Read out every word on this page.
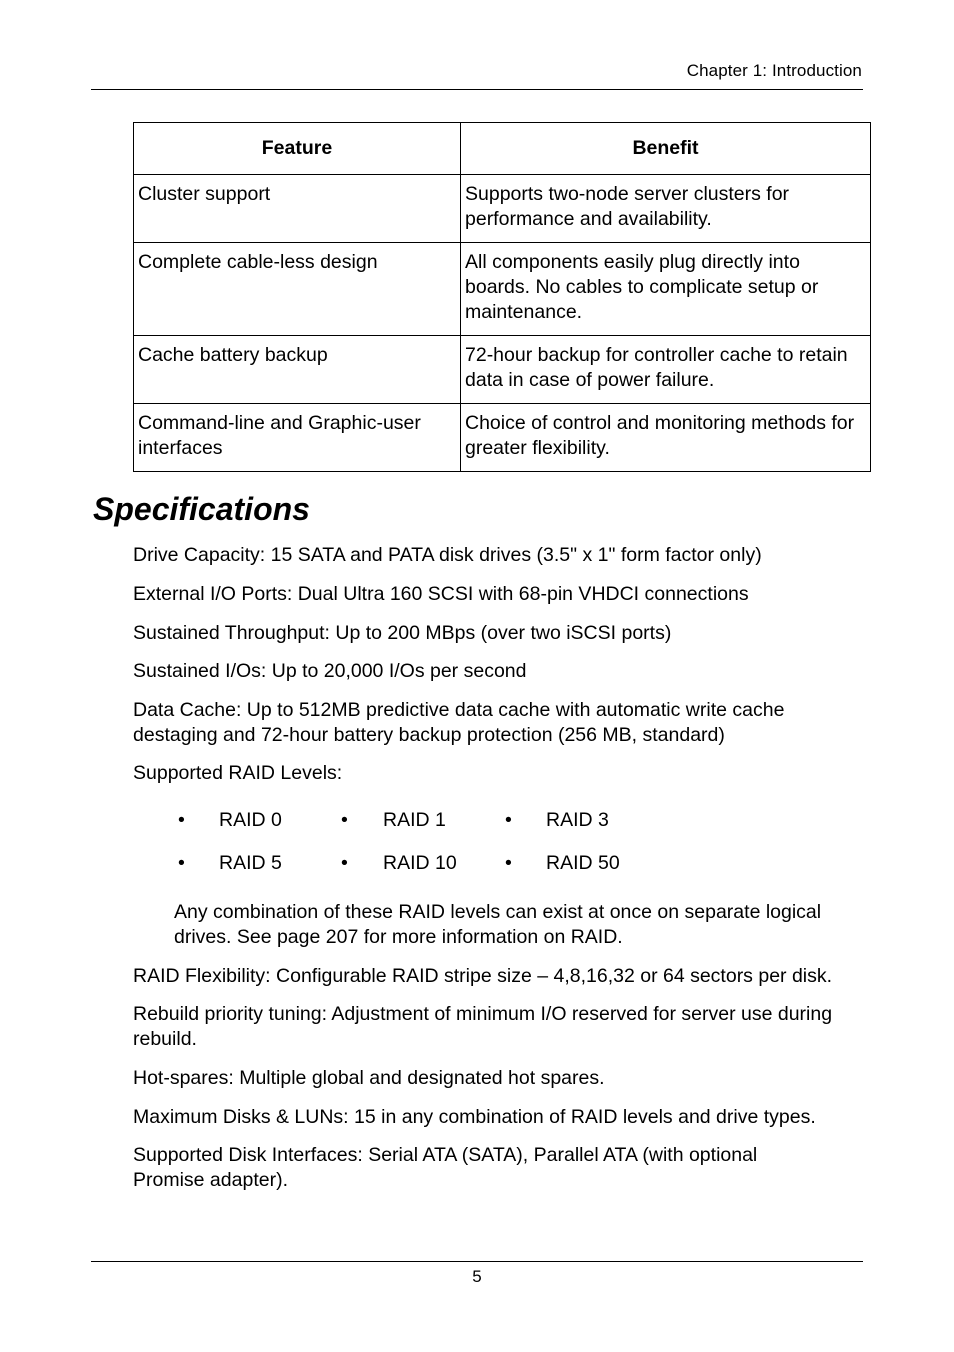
Chapter 1: Introduction
Feature	Benefit
Cluster support	Supports two-node server clusters for performance and availability.
Complete cable-less design	All components easily plug directly into boards. No cables to complicate setup or maintenance.
Cache battery backup	72-hour backup for controller cache to retain data in case of power failure.
Command-line and Graphic-user interfaces	Choice of control and monitoring methods for greater flexibility.
Specifications
Drive Capacity: 15 SATA and PATA disk drives (3.5" x 1" form factor only)
External I/O Ports: Dual Ultra 160 SCSI with 68-pin VHDCI connections
Sustained Throughput: Up to 200 MBps (over two iSCSI ports)
Sustained I/Os: Up to 20,000 I/Os per second
Data Cache: Up to 512MB predictive data cache with automatic write cache destaging and 72-hour battery backup protection (256 MB, standard)
Supported RAID Levels:
• RAID 0	• RAID 1	• RAID 3
• RAID 5	• RAID 10 • RAID 50
Any combination of these RAID levels can exist at once on separate logical drives. See page 207 for more information on RAID.
RAID Flexibility: Configurable RAID stripe size – 4,8,16,32 or 64 sectors per disk.
Rebuild priority tuning: Adjustment of minimum I/O reserved for server use during rebuild.
Hot-spares: Multiple global and designated hot spares.
Maximum Disks & LUNs: 15 in any combination of RAID levels and drive types.
Supported Disk Interfaces: Serial ATA (SATA), Parallel ATA (with optional Promise adapter).
5
